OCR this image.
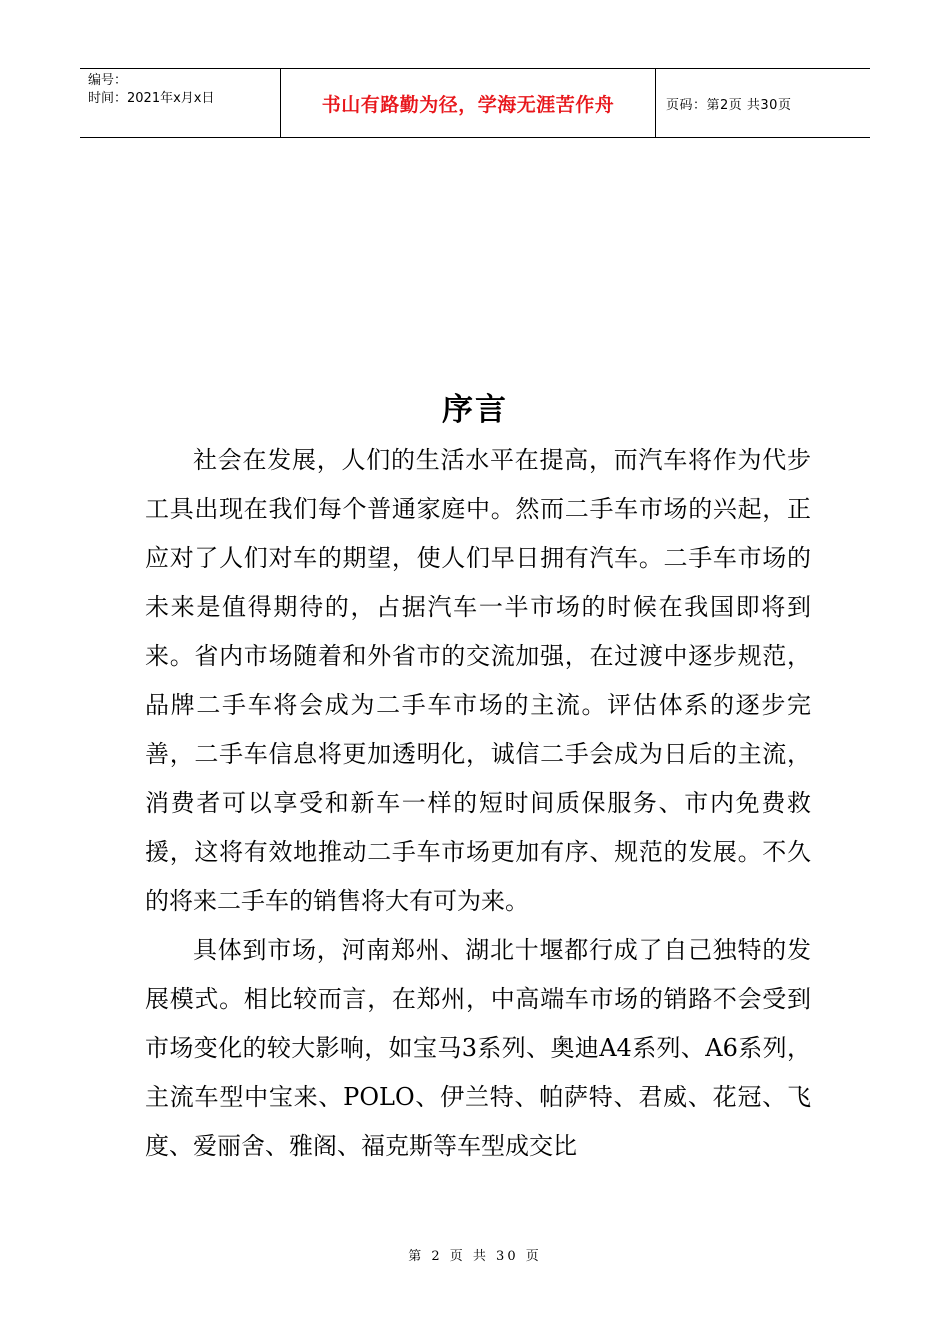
编号：
时间：2021年x月x日	书山有路勤为径，学海无涯苦作舟	页码：第2页 共30页
序言

社会在发展，人们的生活水平在提高，而汽车将作为代步工具出现在我们每个普通家庭中。然而二手车市场的兴起，正应对了人们对车的期望，使人们早日拥有汽车。二手车市场的未来是值得期待的，占据汽车一半市场的时候在我国即将到来。省内市场随着和外省市的交流加强，在过渡中逐步规范，品牌二手车将会成为二手车市场的主流。评估体系的逐步完善，二手车信息将更加透明化，诚信二手会成为日后的主流，消费者可以享受和新车一样的短时间质保服务、市内免费救援，这将有效地推动二手车市场更加有序、规范的发展。不久的将来二手车的销售将大有可为来。

具体到市场，河南郑州、湖北十堰都行成了自己独特的发展模式。相比较而言，在郑州，中高端车市场的销路不会受到市场变化的较大影响，如宝马3系列、奥迪A4系列、A6系列，主流车型中宝来、POLO、伊兰特、帕萨特、君威、花冠、飞度、爱丽舍、雅阁、福克斯等车型成交比

第 2 页 共 30 页
